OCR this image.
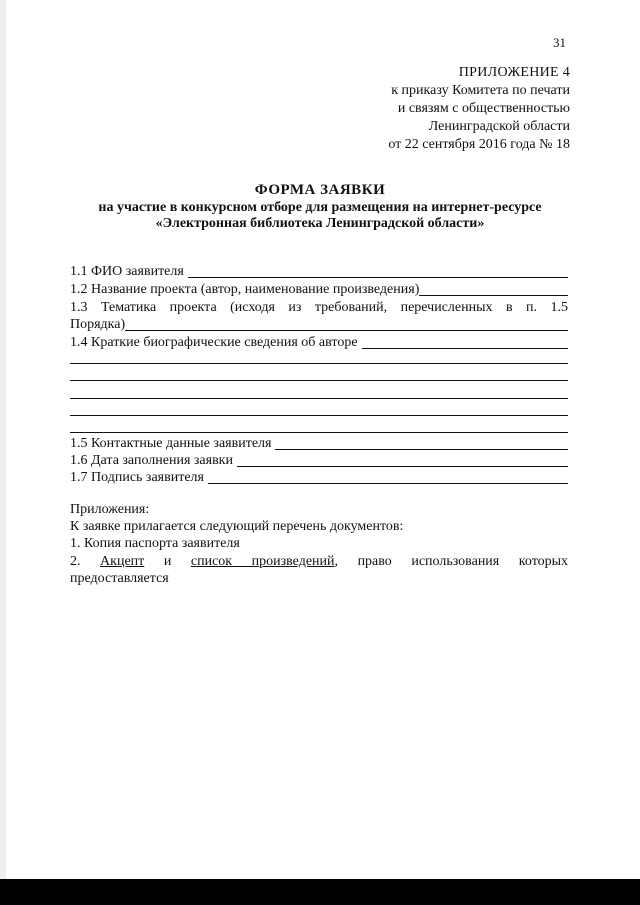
31
ПРИЛОЖЕНИЕ 4
к приказу Комитета по печати
и связям с общественностью
Ленинградской области
от 22 сентября 2016 года № 18
ФОРМА ЗАЯВКИ
на участие в конкурсном отборе для размещения на интернет-ресурсе
«Электронная библиотека Ленинградской области»
1.1 ФИО заявителя
1.2 Название проекта (автор, наименование произведения)
1.3 Тематика проекта (исходя из требований, перечисленных в п. 1.5
Порядка)
1.4 Краткие биографические сведения об авторе
1.5 Контактные данные заявителя
1.6 Дата заполнения заявки
1.7 Подпись заявителя
Приложения:
К заявке прилагается следующий перечень документов:
1. Копия паспорта заявителя
2. Акцепт и список произведений, право использования которых
предоставляется
